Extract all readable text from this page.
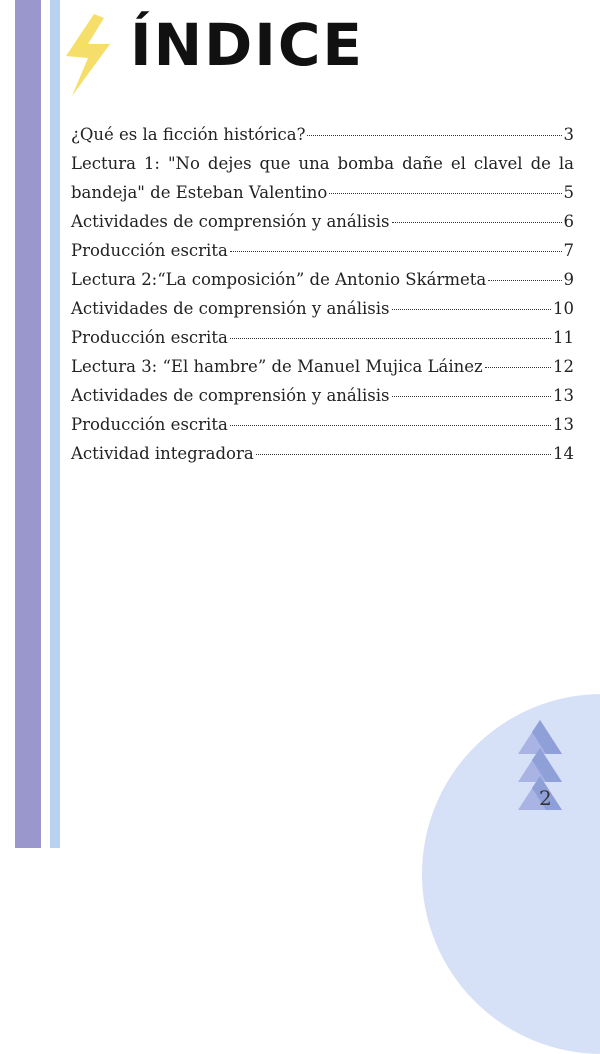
ÍNDICE
¿Qué es la ficción histórica?	3
Lectura 1: "No dejes que una bomba dañe el clavel de la
bandeja" de Esteban Valentino	5
Actividades de comprensión y análisis	6
Producción escrita	7
Lectura 2:“La composición” de Antonio Skármeta	9
Actividades de comprensión y análisis	10
Producción escrita	11
Lectura 3: “El hambre” de Manuel Mujica Láinez	12
Actividades de comprensión y análisis	13
Producción escrita	13
Actividad integradora	14
2
